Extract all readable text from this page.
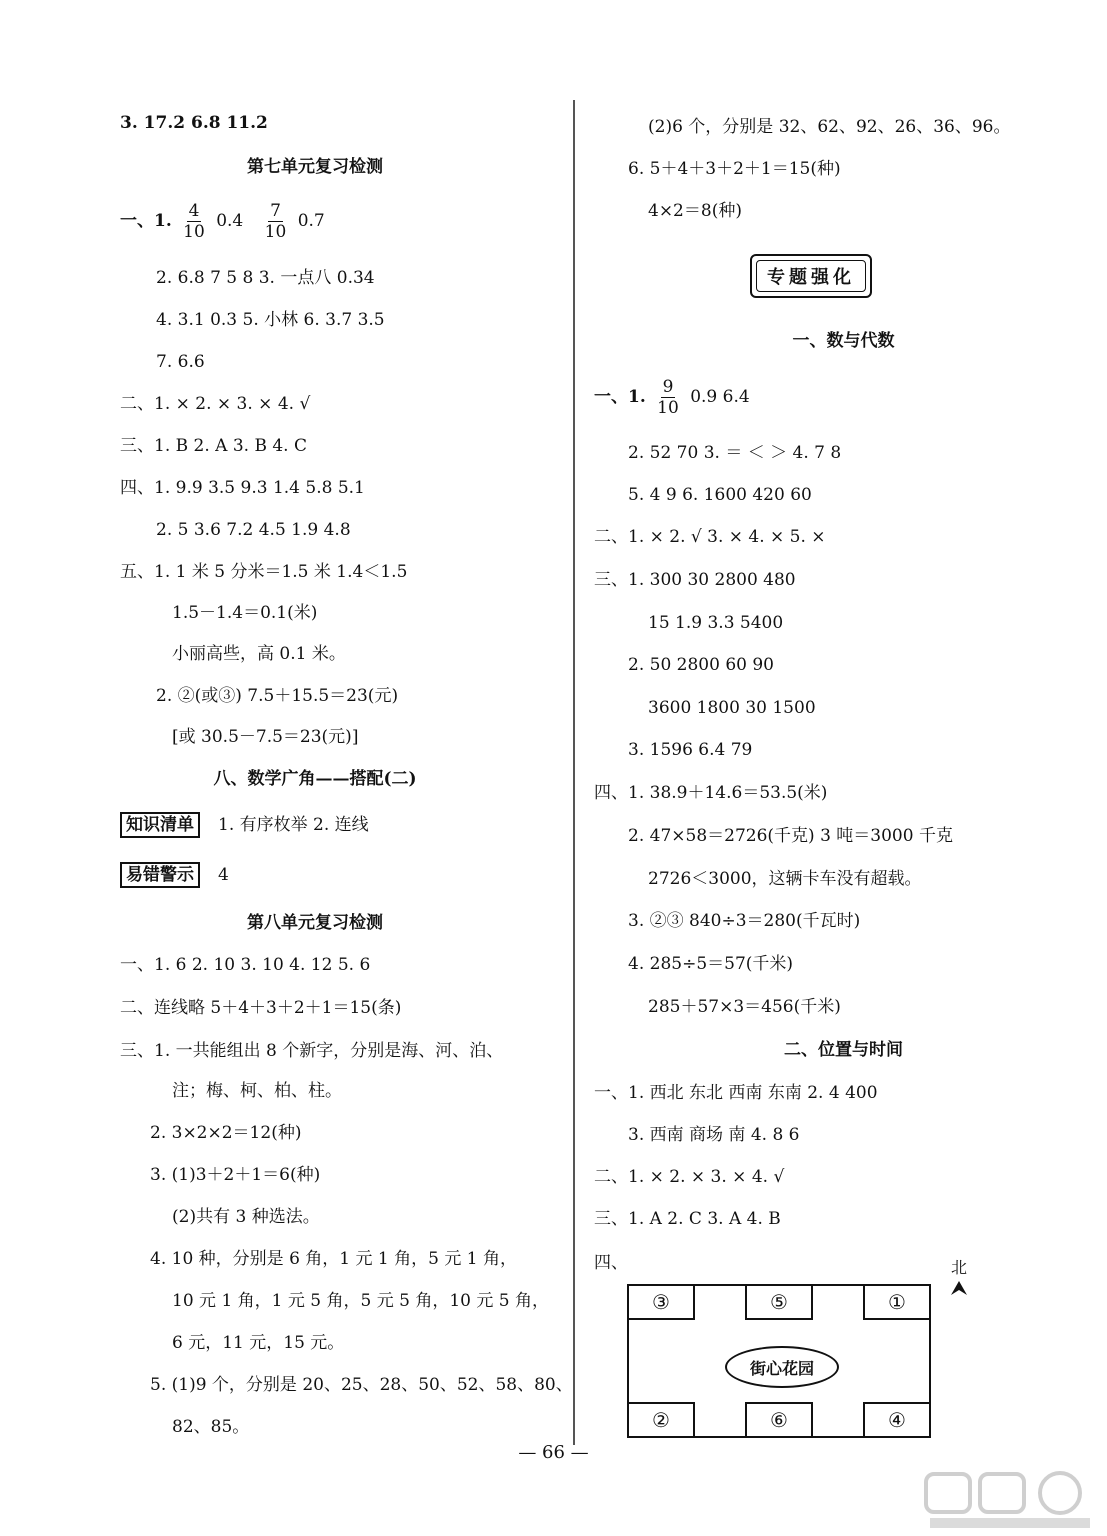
3. 17.2 6.8 11.2
第七单元复习检测
一、1. $\frac{4}{10} 0.4 \frac{7}{10} 0.7$
2. 6.8 7 5 8 3. 一点八 0.34
4. 3.1 0.3 5. 小林 6. 3.7 3.5
7. 6.6
二、1. × 2. × 3. × 4. √
三、1. B 2. A 3. B 4. C
四、1. 9.9 3.5 9.3 1.4 5.8 5.1
2. 5 3.6 7.2 4.5 1.9 4.8
五、1. 1 米 5 分米＝1.5 米 1.4＜1.5
1.5－1.4＝0.1(米)
小丽高些，高 0.1 米。
2. ②(或③) 7.5＋15.5＝23(元)
[或 30.5－7.5＝23(元)]
八、数学广角——搭配(二)
知识清单 1. 有序枚举 2. 连线
易错警示 4
第八单元复习检测
一、1. 6 2. 10 3. 10 4. 12 5. 6
二、连线略 5＋4＋3＋2＋1＝15(条)
三、1. 一共能组出 8 个新字，分别是海、河、泊、
注；梅、柯、柏、柱。
2. 3×2×2＝12(种)
3. (1)3＋2＋1＝6(种)
(2)共有 3 种选法。
4. 10 种，分别是 6 角，1 元 1 角，5 元 1 角，
10 元 1 角，1 元 5 角，5 元 5 角，10 元 5 角，
6 元，11 元，15 元。
5. (1)9 个，分别是 20、25、28、50、52、58、80、
82、85。
(2)6 个，分别是 32、62、92、26、36、96。
6. 5＋4＋3＋2＋1＝15(种)
4×2＝8(种)
专题强化
一、数与代数
一、1. $\frac{9}{10} 0.9$ 6.4
2. 52 70 3. ＝ ＜ ＞ 4. 7 8
5. 4 9 6. 1600 420 60
二、1. × 2. √ 3. × 4. × 5. ×
三、1. 300 30 2800 480
15 1.9 3.3 5400
2. 50 2800 60 90
3600 1800 30 1500
3. 1596 6.4 79
四、1. 38.9＋14.6＝53.5(米)
2. 47×58＝2726(千克) 3 吨＝3000 千克
2726＜3000，这辆卡车没有超载。
3. ②③ 840÷3＝280(千瓦时)
4. 285÷5＝57(千米)
285＋57×3＝456(千米)
二、位置与时间
一、1. 西北 东北 西南 东南 2. 4 400
3. 西南 商场 南 4. 8 6
二、1. × 2. × 3. × 4. √
三、1. A 2. C 3. A 4. B
四、
③	⑤	①
街心花园
②	⑥	④
北
— 66 —
